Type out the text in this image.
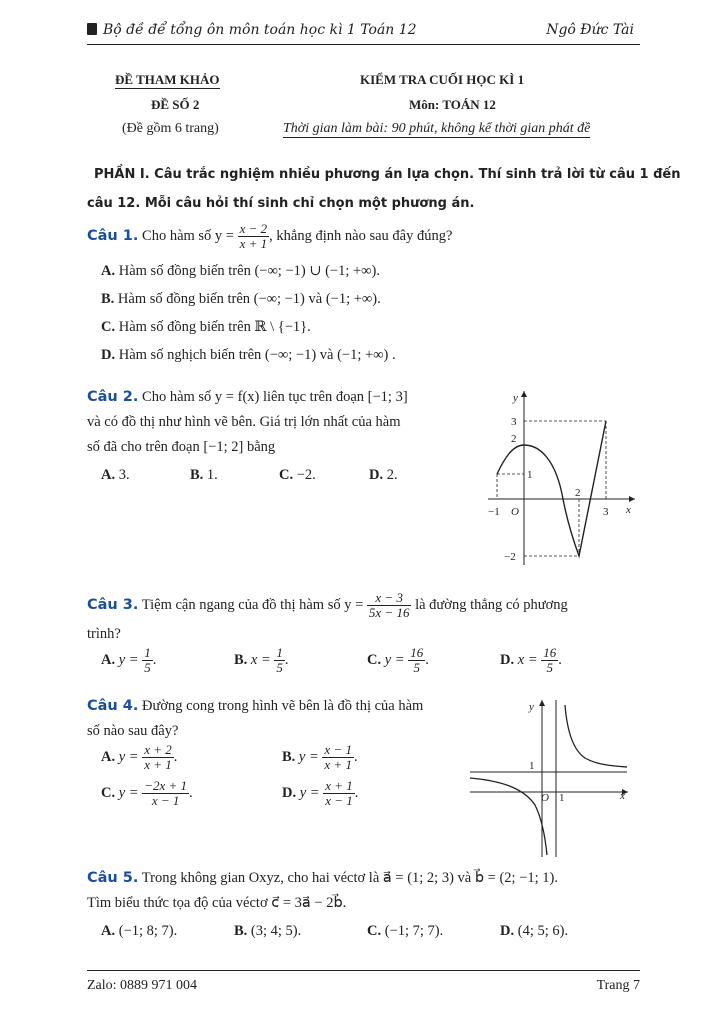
Bộ đề để tổng ôn môn toán học kì 1 Toán 12	Ngô Đức Tài
ĐỀ THAM KHẢO
ĐỀ SỐ 2
(Đề gồm 6 trang)
KIỂM TRA CUỐI HỌC KÌ 1
Môn: TOÁN 12
Thời gian làm bài: 90 phút, không kể thời gian phát đề
PHẦN I. Câu trắc nghiệm nhiều phương án lựa chọn. Thí sinh trả lời từ câu 1 đến
câu 12. Mỗi câu hỏi thí sinh chỉ chọn một phương án.
Câu 1. Cho hàm số $y = \frac{x - 2}{x + 1}$ , khẳng định nào sau đây đúng?
A. Hàm số đồng biến trên (−∞; −1) ∪ (−1; +∞).
B. Hàm số đồng biến trên (−∞; −1) và (−1; +∞).
C. Hàm số đồng biến trên ℝ \ {−1}.
D. Hàm số nghịch biến trên (−∞; −1) và (−1; +∞) .
Câu 2. Cho hàm số y = f(x) liên tục trên đoạn [−1; 3]
và có đồ thị như hình vẽ bên. Giá trị lớn nhất của hàm
số đã cho trên đoạn [−1; 2] bằng
A. 3.	B. 1.	C. −2.	D. 2.
y
x
O
3
2
1
−2
−1
2
3
Câu 3. Tiệm cận ngang của đồ thị hàm số $y = \frac{x - 3}{5x - 16}$ là đường thẳng có phương
trình?
A. $y = \frac{1}{5}$ .	B. $x = \frac{1}{5}$ .	C. $y = \frac{16}{5}$ .	D. $x = \frac{16}{5}$ .
Câu 4. Đường cong trong hình vẽ bên là đồ thị của hàm
số nào sau đây?
A. $y = \frac{x + 2}{x + 1}$ .	B. $y = \frac{x - 1}{x + 1}$ .
C. $y = \frac{-2x + 1}{x - 1}$ .	D. $y = \frac{x + 1}{x - 1}$ .
y
x
O 1
1
Câu 5. Trong không gian Oxyz, cho hai véctơ là a⃗ = (1; 2; 3) và b⃗ = (2; −1; 1).
Tìm biểu thức tọa độ của véctơ c⃗ = 3a⃗ − 2b⃗.
A. (−1; 8; 7).	B. (3; 4; 5).	C. (−1; 7; 7).	D. (4; 5; 6).
Zalo: 0889 971 004	Trang 7
